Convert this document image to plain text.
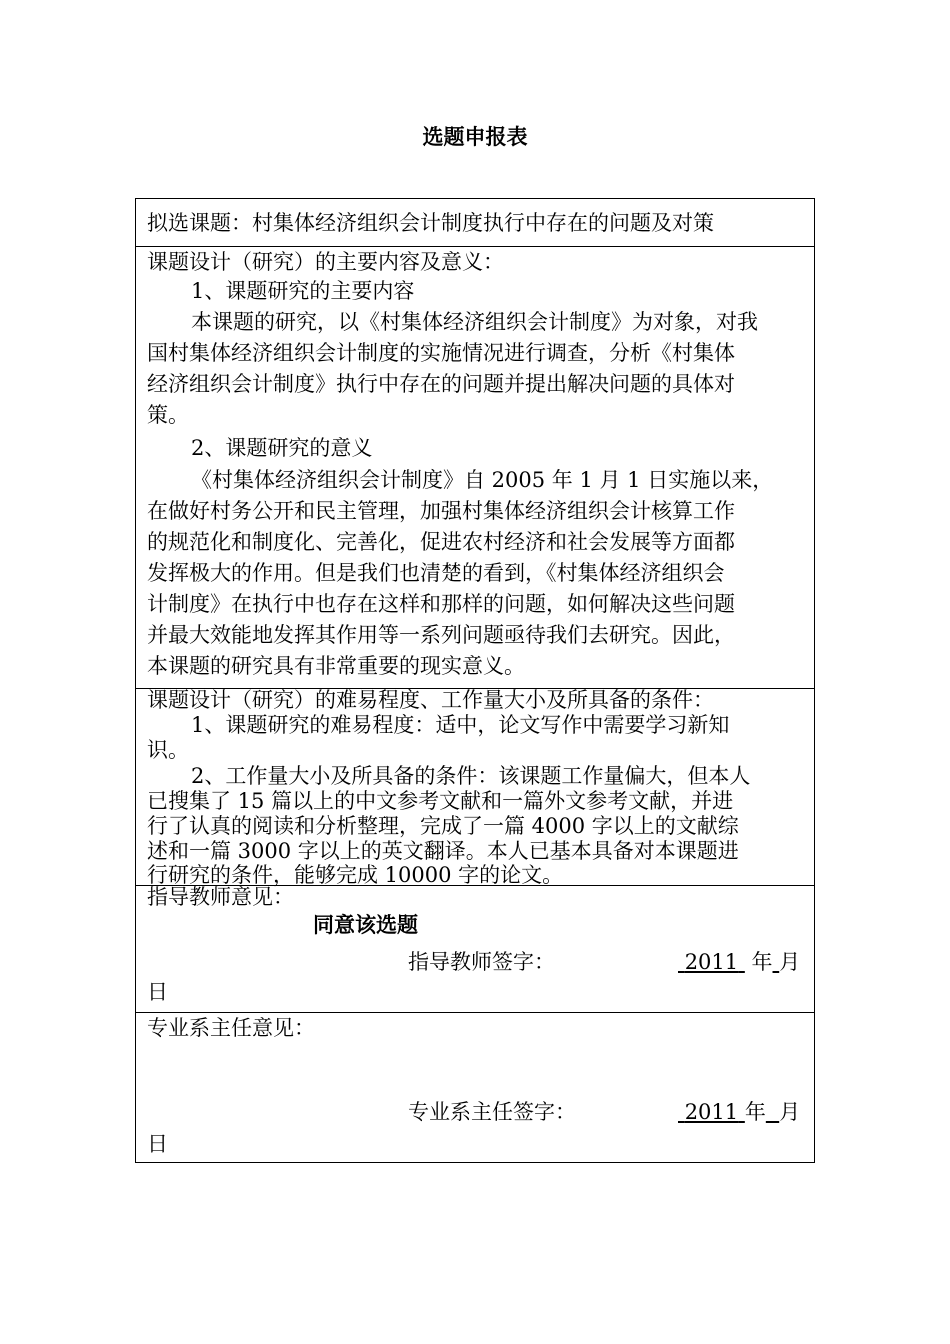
选题申报表
拟选课题：村集体经济组织会计制度执行中存在的问题及对策
课题设计（研究）的主要内容及意义：
1、课题研究的主要内容
本课题的研究，以《村集体经济组织会计制度》为对象，对我
国村集体经济组织会计制度的实施情况进行调查，分析《村集体
经济组织会计制度》执行中存在的问题并提出解决问题的具体对
策。
2、课题研究的意义
《村集体经济组织会计制度》自 2005 年 1 月 1 日实施以来，
在做好村务公开和民主管理，加强村集体经济组织会计核算工作
的规范化和制度化、完善化，促进农村经济和社会发展等方面都
发挥极大的作用。但是我们也清楚的看到，《村集体经济组织会
计制度》在执行中也存在这样和那样的问题，如何解决这些问题
并最大效能地发挥其作用等一系列问题亟待我们去研究。因此，
本课题的研究具有非常重要的现实意义。
课题设计（研究）的难易程度、工作量大小及所具备的条件：
1、课题研究的难易程度：适中，论文写作中需要学习新知
识。
2、工作量大小及所具备的条件：该课题工作量偏大，但本人
已搜集了 15 篇以上的中文参考文献和一篇外文参考文献，并进
行了认真的阅读和分析整理，完成了一篇 4000 字以上的文献综
述和一篇 3000 字以上的英文翻译。本人已基本具备对本课题进
行研究的条件，能够完成 10000 字的论文。
指导教师意见：
同意该选题
指导教师签字：	2011 年 月
日
专业系主任意见：
专业系主任签字：	2011 年 月
日
